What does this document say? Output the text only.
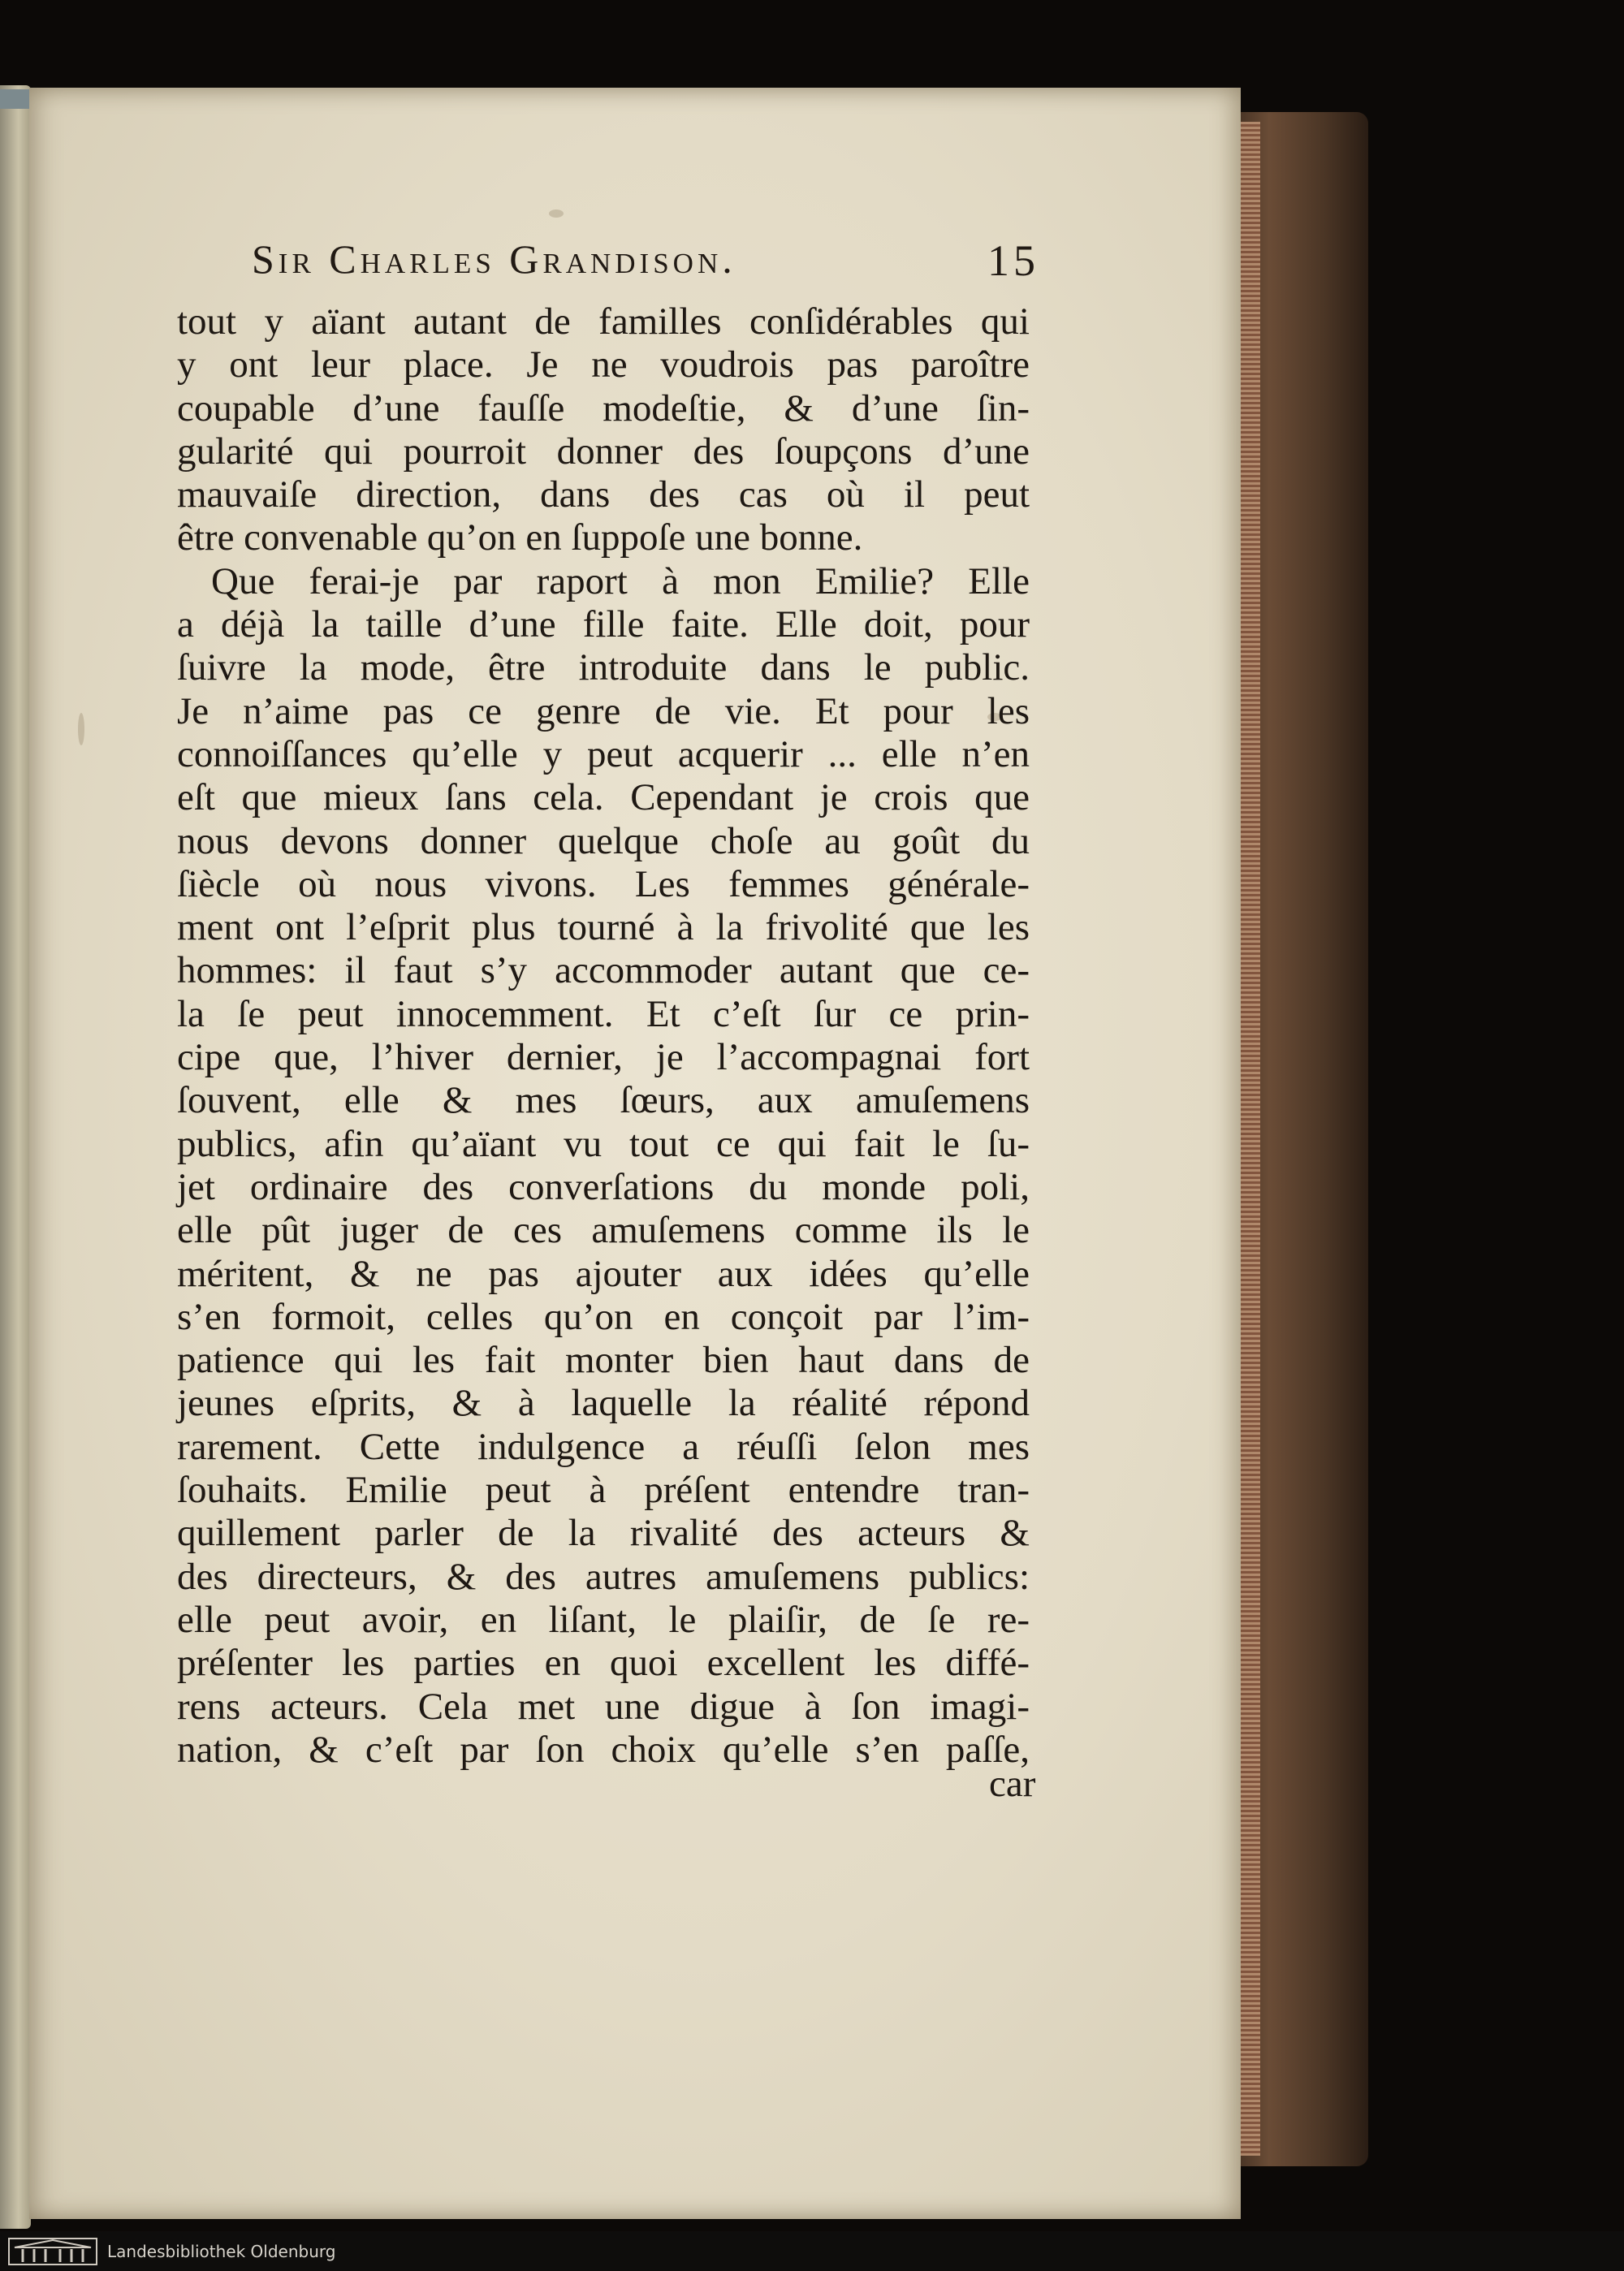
Sir Charles Grandison.	15
tout y aïant autant de familles conſidérables qui
y ont leur place. Je ne voudrois pas paroître
coupable d’une fauſſe modeſtie, & d’une ſin-
gularité qui pourroit donner des ſoupçons d’une
mauvaiſe direction, dans des cas où il peut
être convenable qu’on en ſuppoſe une bonne.
Que ferai-je par raport à mon Emilie? Elle
a déjà la taille d’une fille faite. Elle doit, pour
ſuivre la mode, être introduite dans le public.
Je n’aime pas ce genre de vie. Et pour les
connoiſſances qu’elle y peut acquerir ... elle n’en
eſt que mieux ſans cela. Cependant je crois que
nous devons donner quelque choſe au goût du
ſiècle où nous vivons. Les femmes générale-
ment ont l’eſprit plus tourné à la frivolité que les
hommes: il faut s’y accommoder autant que ce-
la ſe peut innocemment. Et c’eſt ſur ce prin-
cipe que, l’hiver dernier, je l’accompagnai fort
ſouvent, elle & mes ſœurs, aux amuſemens
publics, afin qu’aïant vu tout ce qui fait le ſu-
jet ordinaire des converſations du monde poli,
elle pût juger de ces amuſemens comme ils le
méritent, & ne pas ajouter aux idées qu’elle
s’en formoit, celles qu’on en conçoit par l’im-
patience qui les fait monter bien haut dans de
jeunes eſprits, & à laquelle la réalité répond
rarement. Cette indulgence a réuſſi ſelon mes
ſouhaits. Emilie peut à préſent entendre tran-
quillement parler de la rivalité des acteurs &
des directeurs, & des autres amuſemens publics:
elle peut avoir, en liſant, le plaiſir, de ſe re-
préſenter les parties en quoi excellent les diffé-
rens acteurs. Cela met une digue à ſon imagi-
nation, & c’eſt par ſon choix qu’elle s’en paſſe,
car
Landesbibliothek Oldenburg
